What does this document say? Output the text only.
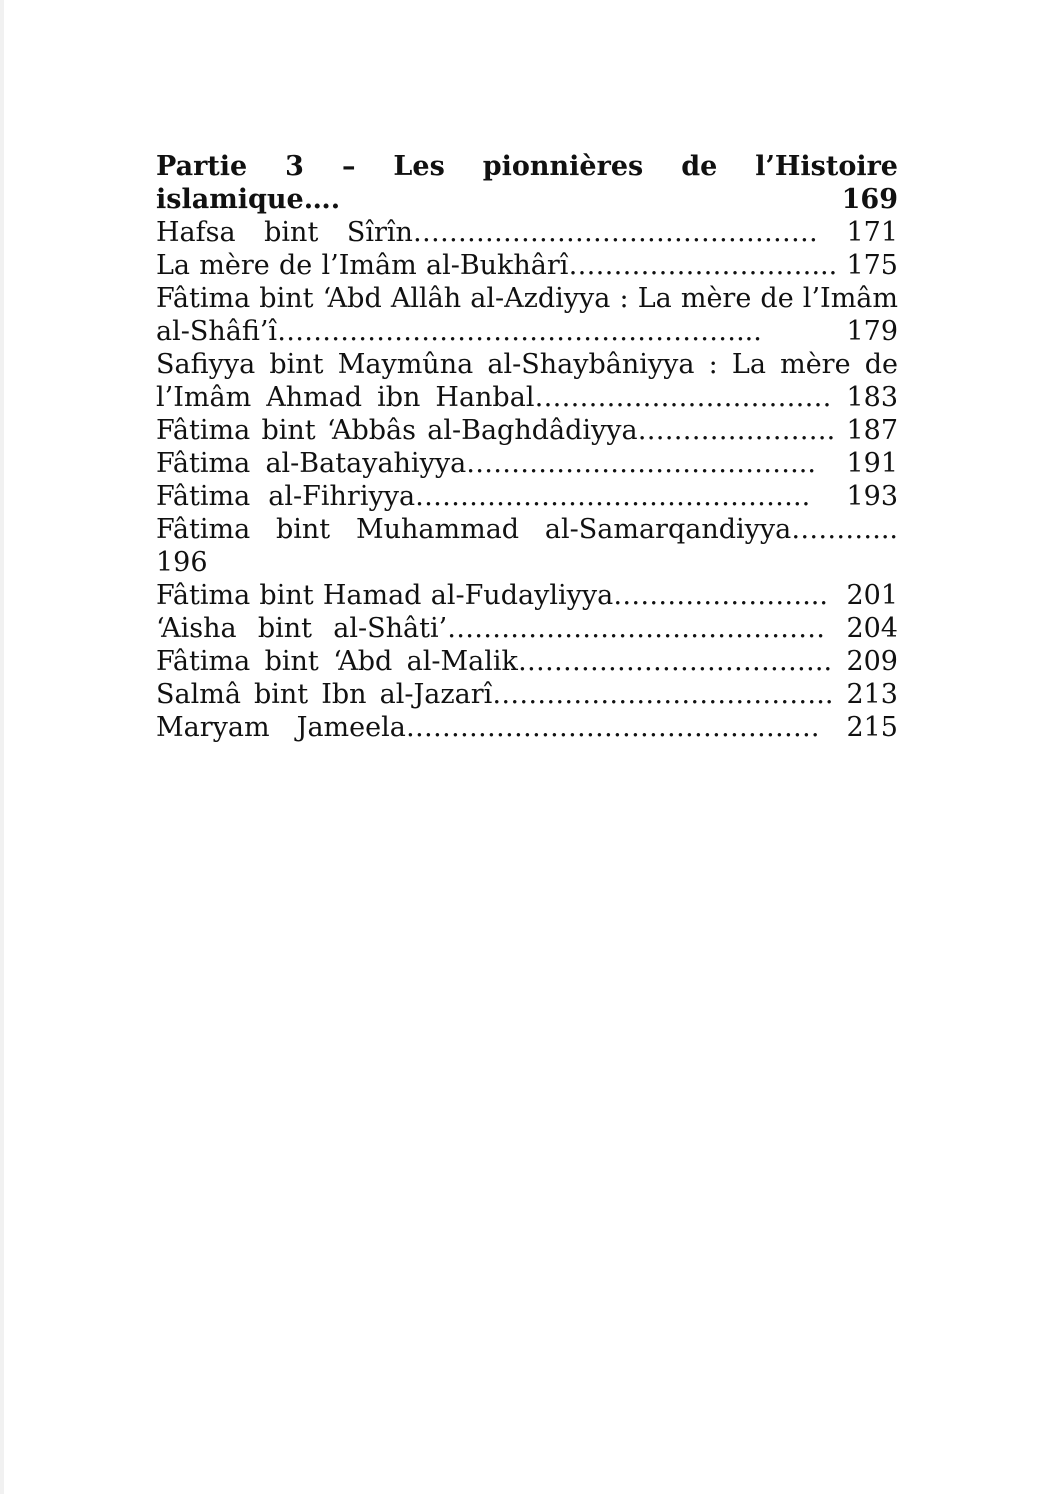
Partie 3 – Les pionnières de l’Histoire islamique…. 169

Hafsa bint Sîrîn……………………………………… 171

La mère de l’Imâm al-Bukhârî………………………... 175

Fâtima bint ‘Abd Allâh al-Azdiyya : La mère de l’Imâm

al-Shâfi’î……………………………………………...  179

Safiyya bint Maymûna al-Shaybâniyya : La mère de

l’Imâm Ahmad ibn Hanbal…………………………… 183

Fâtima bint ‘Abbâs al-Baghdâdiyya…………………. 187

Fâtima al-Batayahiyya………………………………...  191

Fâtima al-Fihriyya……………………………………..  193

Fâtima bint Muhammad al-Samarqandiyya………... 196

Fâtima bint Hamad al-Fudayliyya…………………...  201

‘Aisha bint al-Shâti’…………………………………… 204

Fâtima bint ‘Abd al-Malik…………………………….. 209

Salmâ bint Ibn al-Jazarî……………………………….. 213

Maryam Jameela………………………………………. 215
